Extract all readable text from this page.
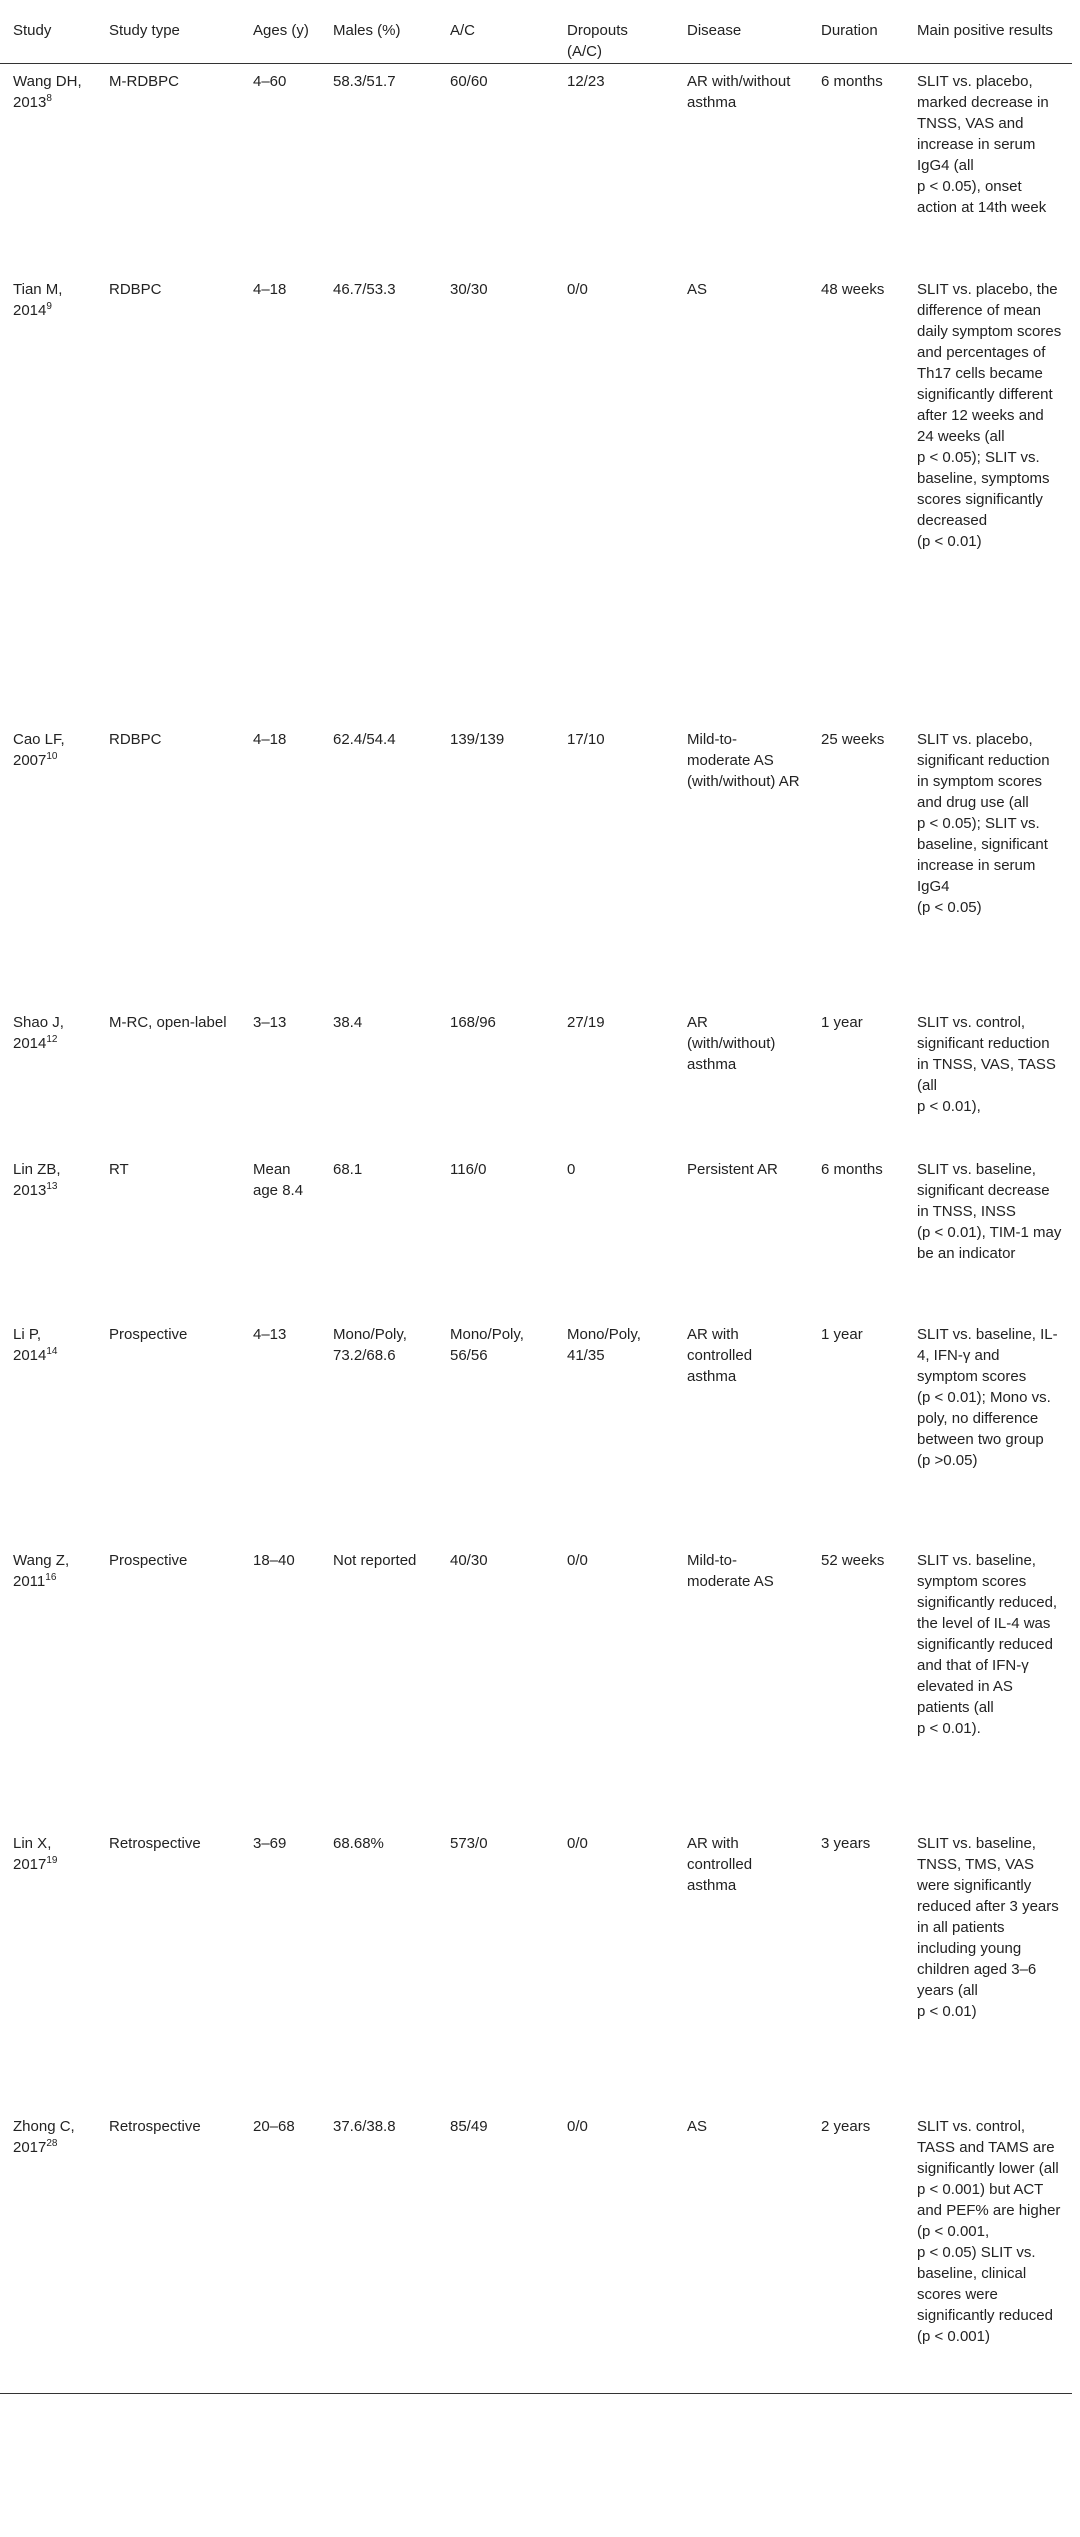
Study	Study type	Ages (y)	Males (%)	A/C	Dropouts (A/C)	Disease	Duration	Main positive results
Wang DH, 2013$^8$	M-RDBPC	4–60	58.3/51.7	60/60	12/23	AR with/without asthma	6 months	SLIT vs. placebo, marked decrease in TNSS, VAS and increase in serum IgG4 (all
p < 0.05), onset action at 14th week
Tian M, 2014$^9$	RDBPC	4–18	46.7/53.3	30/30	0/0	AS	48 weeks	SLIT vs. placebo, the difference of mean daily symptom scores and percentages of Th17 cells became significantly different after 12 weeks and 24 weeks (all
p < 0.05); SLIT vs. baseline, symptoms scores significantly decreased
(p < 0.01)
Cao LF, 2007$^{10}$	RDBPC	4–18	62.4/54.4	139/139	17/10	Mild-to-moderate AS (with/without) AR	25 weeks	SLIT vs. placebo, significant reduction in symptom scores and drug use (all
p < 0.05); SLIT vs. baseline, significant increase in serum IgG4
(p < 0.05)
Shao J, 2014$^{12}$	M-RC, open-label	3–13	38.4	168/96	27/19	AR (with/without) asthma	1 year	SLIT vs. control, significant reduction in TNSS, VAS, TASS (all
p < 0.01),
Lin ZB, 2013$^{13}$	RT	Mean age 8.4	68.1	116/0	0	Persistent AR	6 months	SLIT vs. baseline, significant decrease in TNSS, INSS
(p < 0.01), TIM-1 may be an indicator
Li P, 2014$^{14}$	Prospective	4–13	Mono/Poly, 73.2/68.6	Mono/Poly, 56/56	Mono/Poly, 41/35	AR with controlled asthma	1 year	SLIT vs. baseline, IL-4, IFN-γ and symptom scores
(p < 0.01); Mono vs. poly, no difference between two group
(p >0.05)
Wang Z, 2011$^{16}$	Prospective	18–40	Not reported	40/30	0/0	Mild-to-moderate AS	52 weeks	SLIT vs. baseline, symptom scores significantly reduced, the level of IL-4 was significantly reduced and that of IFN-γ elevated in AS patients (all
p < 0.01).
Lin X, 2017$^{19}$	Retrospective	3–69	68.68%	573/0	0/0	AR with controlled asthma	3 years	SLIT vs. baseline, TNSS, TMS, VAS were significantly reduced after 3 years in all patients including young children aged 3–6 years (all
p < 0.01)
Zhong C, 2017$^{28}$	Retrospective	20–68	37.6/38.8	85/49	0/0	AS	2 years	SLIT vs. control, TASS and TAMS are significantly lower (all
p < 0.001) but ACT and PEF% are higher
(p < 0.001,
p < 0.05) SLIT vs. baseline, clinical scores were significantly reduced
(p < 0.001)
